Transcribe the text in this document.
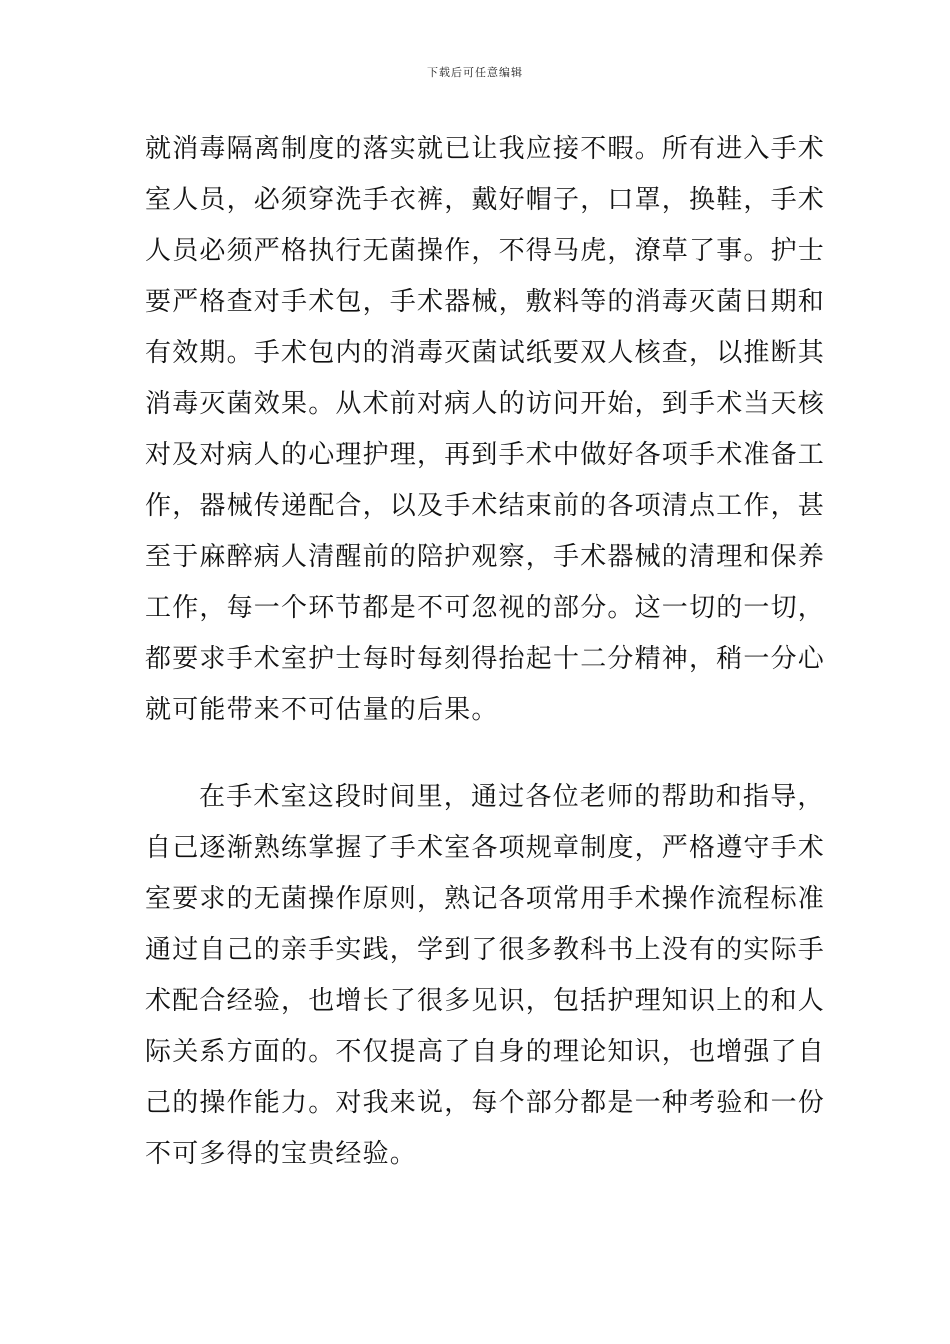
下载后可任意编辑
就消毒隔离制度的落实就已让我应接不暇。所有进入手术
室人员，必须穿洗手衣裤，戴好帽子，口罩，换鞋，手术
人员必须严格执行无菌操作，不得马虎，潦草了事。护士
要严格查对手术包，手术器械，敷料等的消毒灭菌日期和
有效期。手术包内的消毒灭菌试纸要双人核查，以推断其
消毒灭菌效果。从术前对病人的访问开始，到手术当天核
对及对病人的心理护理，再到手术中做好各项手术准备工
作，器械传递配合，以及手术结束前的各项清点工作，甚
至于麻醉病人清醒前的陪护观察，手术器械的清理和保养
工作，每一个环节都是不可忽视的部分。这一切的一切，
都要求手术室护士每时每刻得抬起十二分精神，稍一分心
就可能带来不可估量的后果。
在手术室这段时间里，通过各位老师的帮助和指导，
自己逐渐熟练掌握了手术室各项规章制度，严格遵守手术
室要求的无菌操作原则，熟记各项常用手术操作流程标准
通过自己的亲手实践，学到了很多教科书上没有的实际手
术配合经验，也增长了很多见识，包括护理知识上的和人
际关系方面的。不仅提高了自身的理论知识，也增强了自
己的操作能力。对我来说，每个部分都是一种考验和一份
不可多得的宝贵经验。
